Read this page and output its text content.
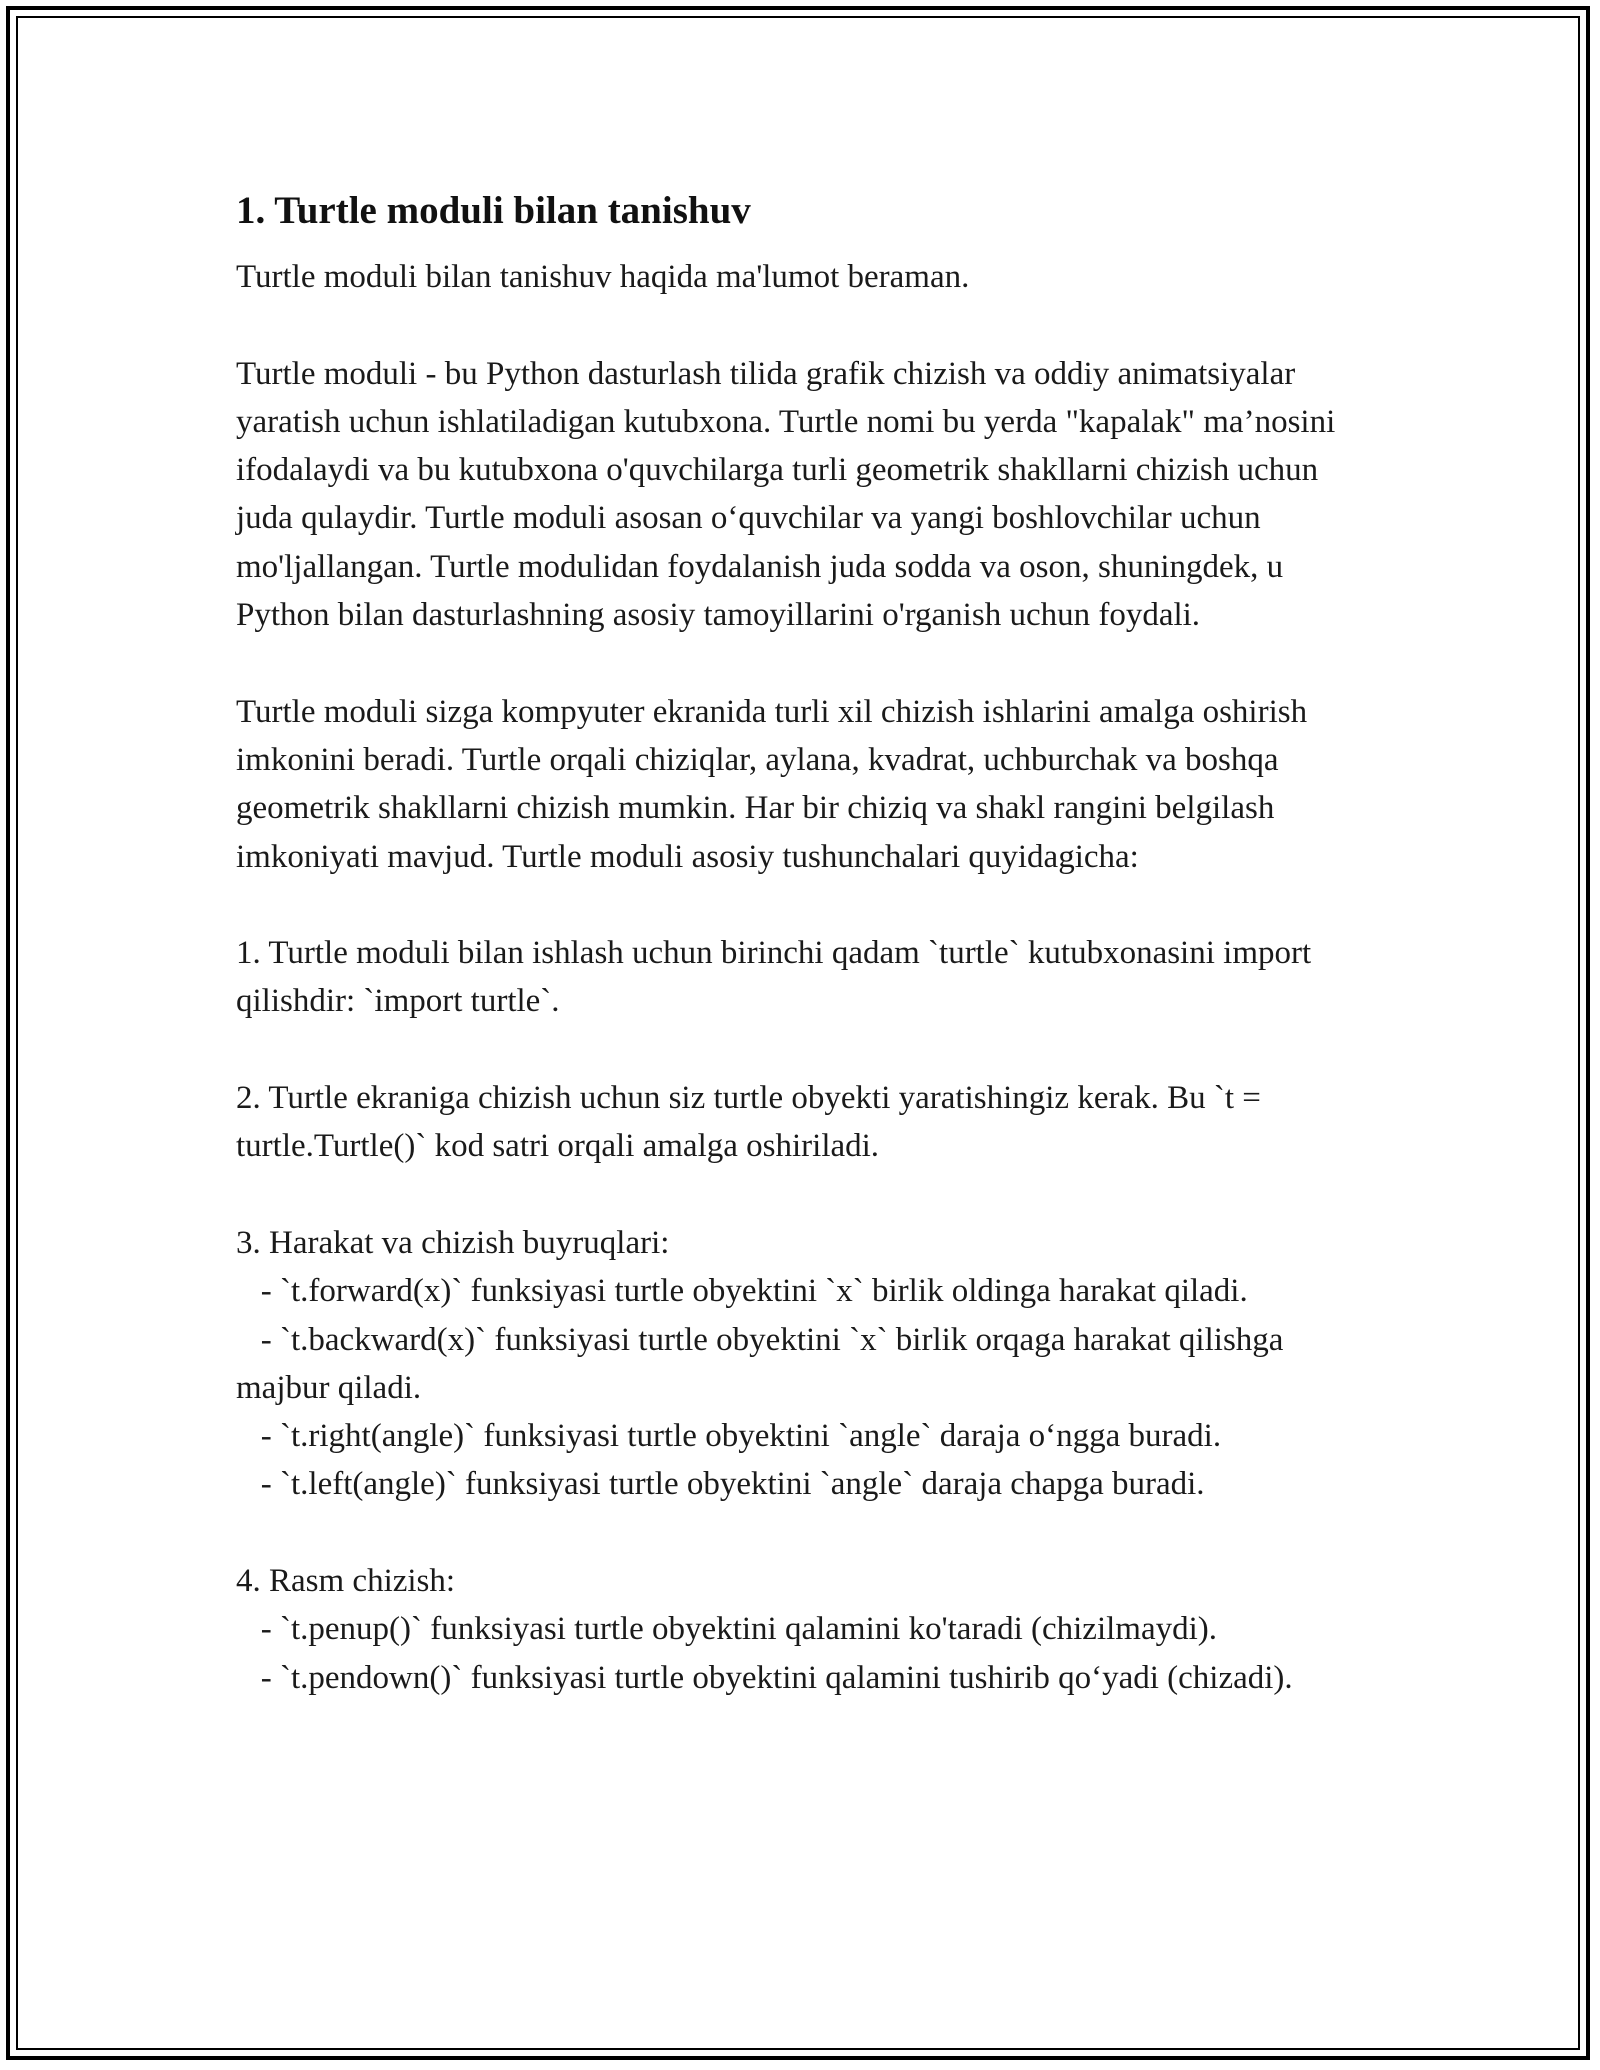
1. Turtle moduli bilan tanishuv

Turtle moduli bilan tanishuv haqida ma'lumot beraman.

Turtle moduli - bu Python dasturlash tilida grafik chizish va oddiy animatsiyalar yaratish uchun ishlatiladigan kutubxona. Turtle nomi bu yerda "kapalak" ma’nosini ifodalaydi va bu kutubxona o'quvchilarga turli geometrik shakllarni chizish uchun juda qulaydir. Turtle moduli asosan o‘quvchilar va yangi boshlovchilar uchun mo'ljallangan. Turtle modulidan foydalanish juda sodda va oson, shuningdek, u Python bilan dasturlashning asosiy tamoyillarini o'rganish uchun foydali.

Turtle moduli sizga kompyuter ekranida turli xil chizish ishlarini amalga oshirish imkonini beradi. Turtle orqali chiziqlar, aylana, kvadrat, uchburchak va boshqa geometrik shakllarni chizish mumkin. Har bir chiziq va shakl rangini belgilash imkoniyati mavjud. Turtle moduli asosiy tushunchalari quyidagicha:

1. Turtle moduli bilan ishlash uchun birinchi qadam `turtle` kutubxonasini import qilishdir: `import turtle`.

2. Turtle ekraniga chizish uchun siz turtle obyekti yaratishingiz kerak. Bu `t = turtle.Turtle()` kod satri orqali amalga oshiriladi.

3. Harakat va chizish buyruqlari:
- `t.forward(x)` funksiyasi turtle obyektini `x` birlik oldinga harakat qiladi.
- `t.backward(x)` funksiyasi turtle obyektini `x` birlik orqaga harakat qilishga majbur qiladi.
- `t.right(angle)` funksiyasi turtle obyektini `angle` daraja o‘ngga buradi.
- `t.left(angle)` funksiyasi turtle obyektini `angle` daraja chapga buradi.

4. Rasm chizish:
- `t.penup()` funksiyasi turtle obyektini qalamini ko'taradi (chizilmaydi).
- `t.pendown()` funksiyasi turtle obyektini qalamini tushirib qo‘yadi (chizadi).
